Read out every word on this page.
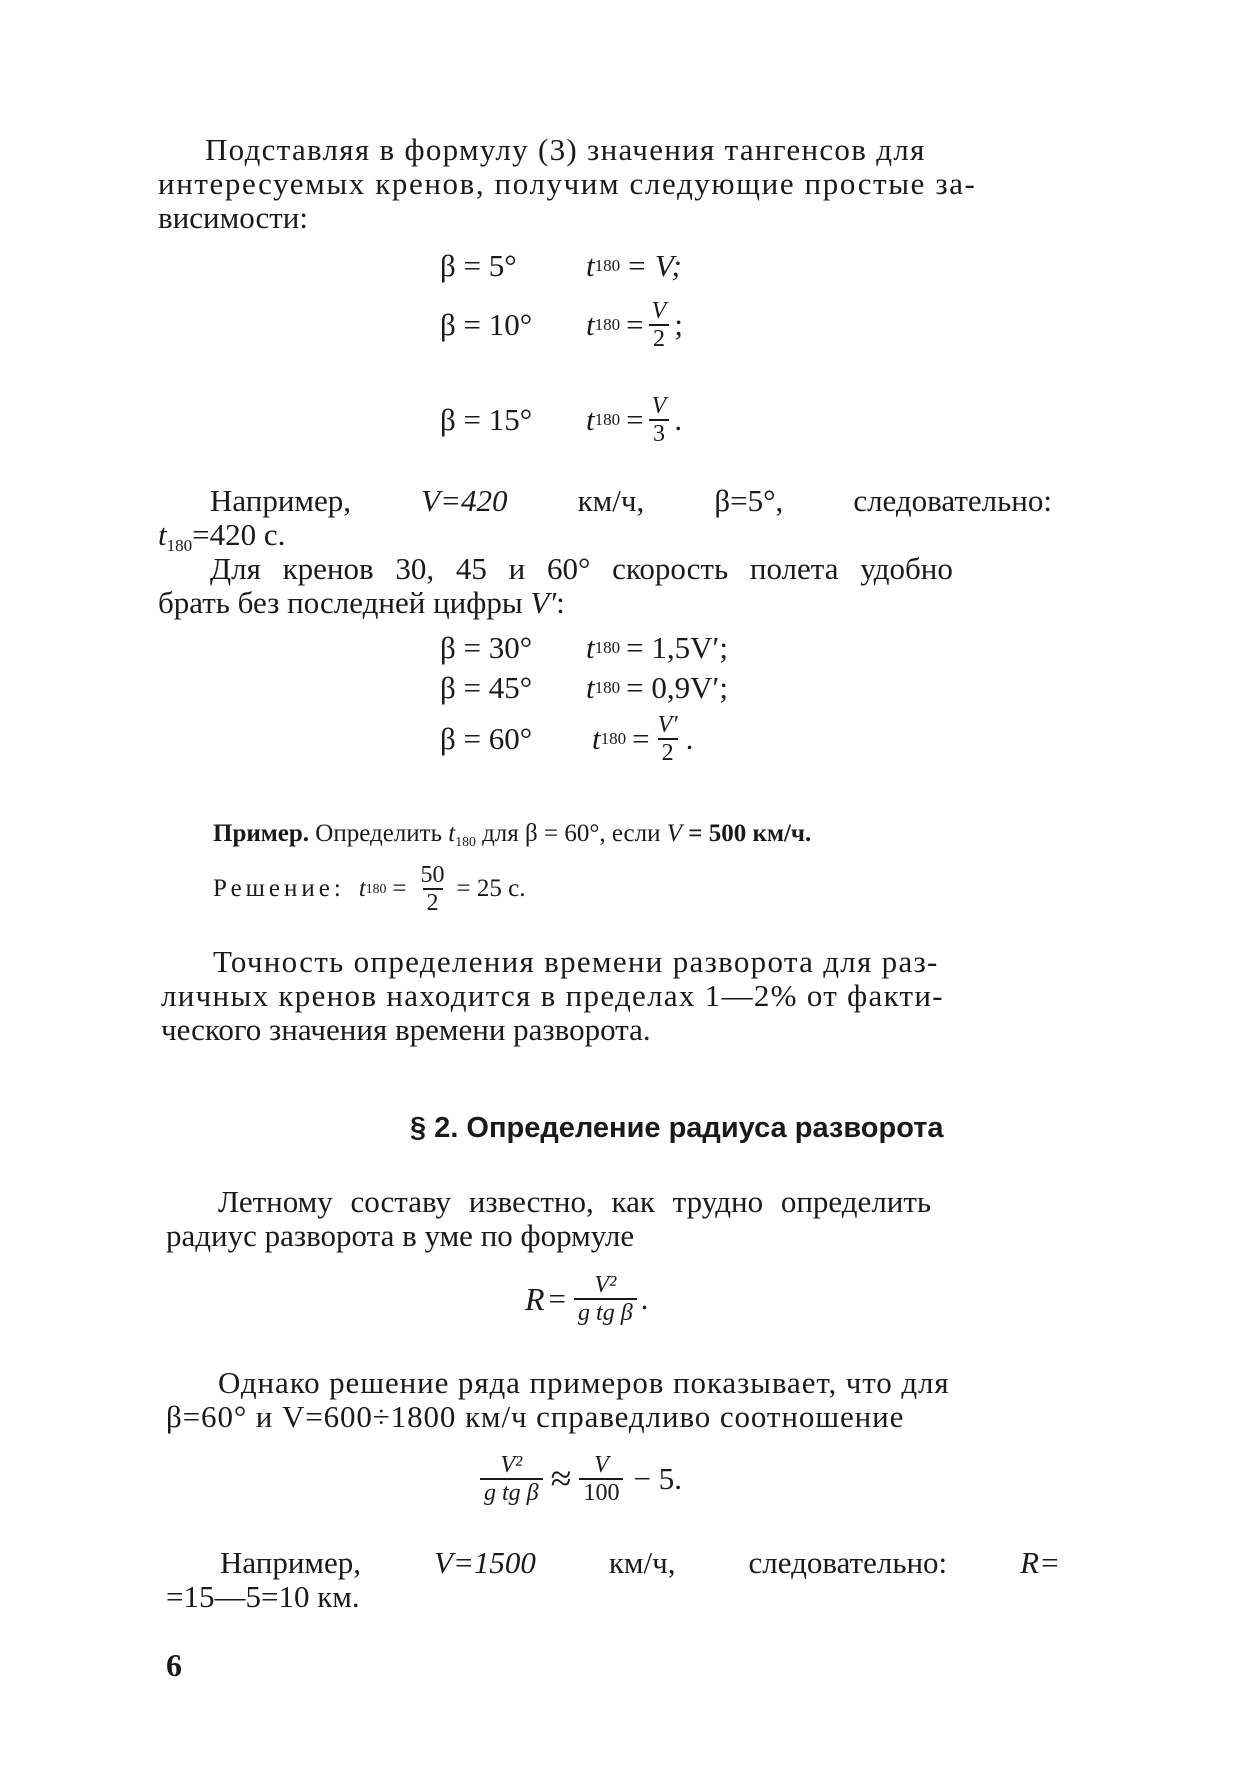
Подставляя в формулу (3) значения тангенсов для
интересуемых кренов, получим следующие простые за-
висимости:
β = 5°	t 180 = V;
β = 10°	t $180 = \frac{V}{2}$ ;
β = 15°	t $180 = \frac{V}{3}$ .
Например, V=420 км/ч, β=5°, следовательно:
$t_{180}=420$ с.
Для кренов 30, 45 и 60° скорость полета удобно
брать без последней цифры V′:
β = 30°	t 180 = 1,5V′;
β = 45°	t 180 = 0,9V′;
β = 60°	t $180 = \frac{V'}{2}$ .
Пример. Определить $t_{180}$ для β = 60°, если V = 500 км/ч.
Решение: t $180 = \frac{50}{2} = 25$ с.
Точность определения времени разворота для раз-
личных кренов находится в пределах 1—2% от факти-
ческого значения времени разворота.
§ 2. Определение радиуса разворота
Летному составу известно, как трудно определить
радиус разворота в уме по формуле
$R = \frac{\text{V²}}{\text{g tg β}}$ .
Однако решение ряда примеров показывает, что для
β=60° и V=600÷1800 км/ч справедливо соотношение
$\frac{\text{V²}}{\text{g tg β}} \approx \frac{V}{100} - 5$.
Например, V=1500 км/ч, следовательно: R=
=15—5=10 км.
6
